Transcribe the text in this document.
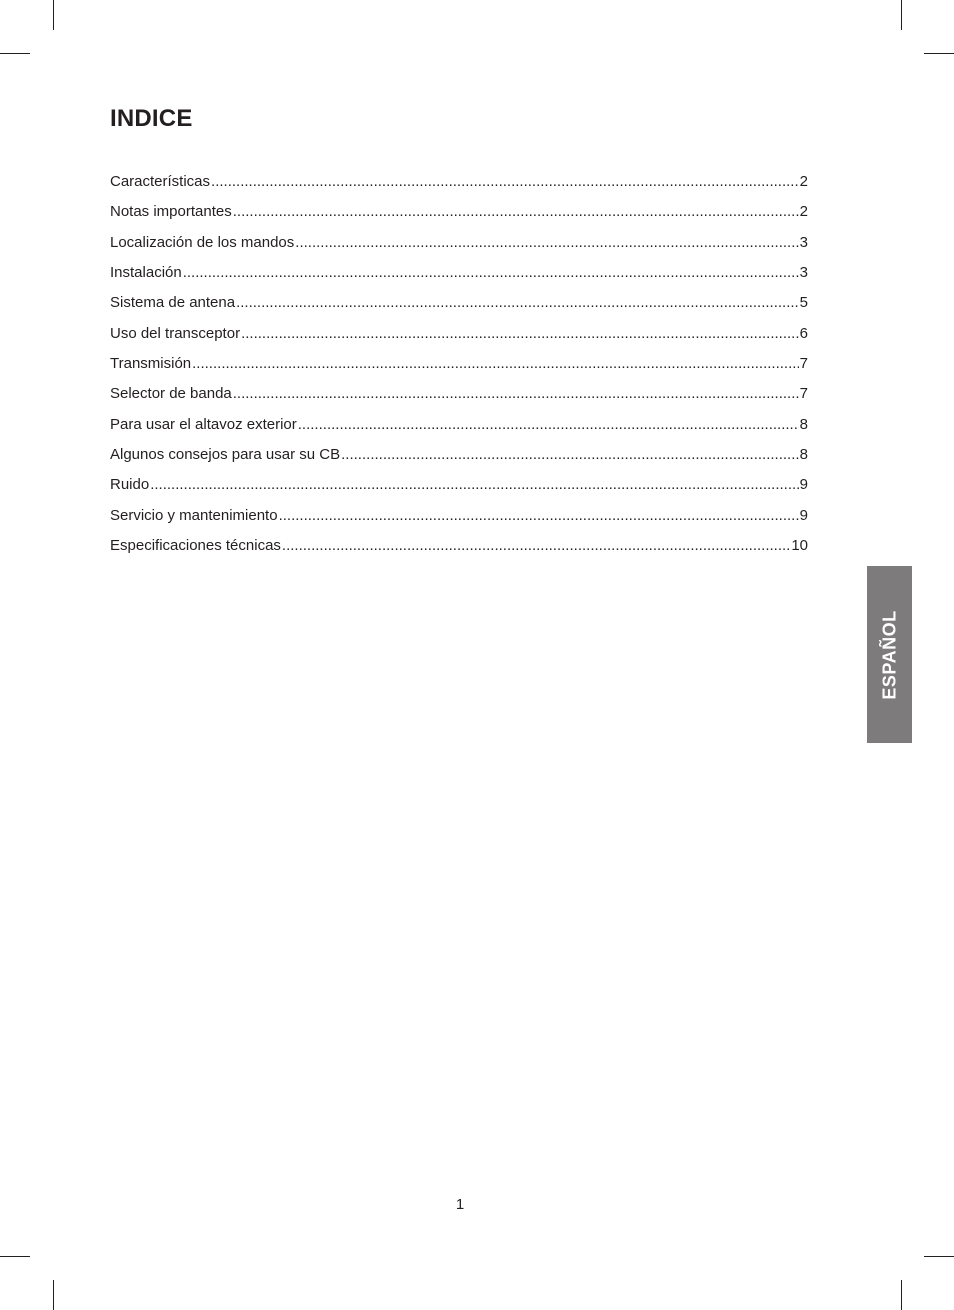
INDICE
Características .....	2
Notas importantes .....	2
Localización de los mandos .....	3
Instalación .....	3
Sistema de antena .....	5
Uso del transceptor .....	6
Transmisión .....	7
Selector de banda .....	7
Para usar el altavoz exterior .....	8
Algunos consejos para usar su CB .....	8
Ruido .....	9
Servicio y mantenimiento .....	9
Especificaciones técnicas .....	10
ESPAÑOL
1
